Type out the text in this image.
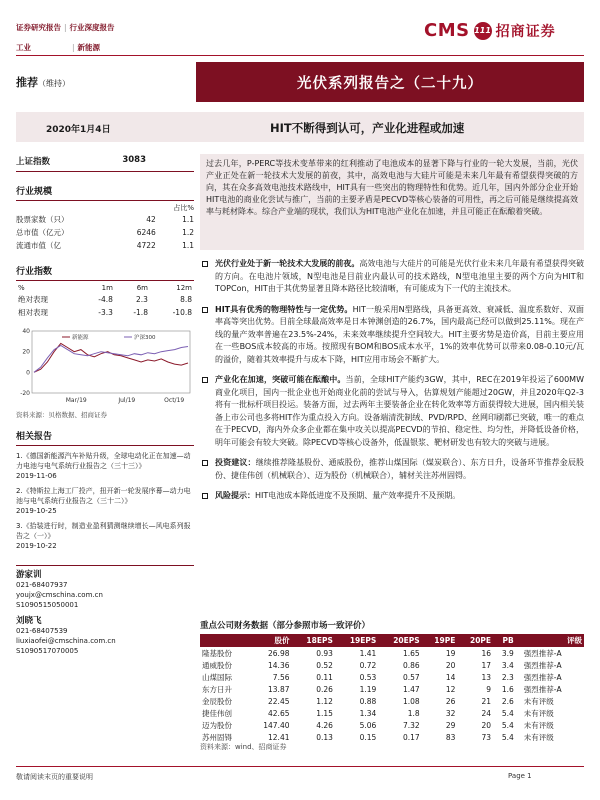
证券研究报告 | 行业深度报告
工业	| 新能源
CMS 111 招商证券
推荐（维持）	光伏系列报告之（二十九）
2020年1月4日	HIT不断得到认可，产业化进程或加速
上证指数	3083
行业规模
		占比%
股票家数（只）	42	1.1
总市值（亿元）	6246	1.2
流通市值（亿	4722	1.1
行业指数
%	1m	6m	12m
绝对表现	-4.8	2.3	8.8
相对表现	-3.3	-1.8	-10.8
40
20
0
-20
Mar/19	Jul/19	Oct/19
新能源	沪深300
资料来源：贝格数据、招商证券
相关报告
1.《德国新能源汽车补贴升级，全球电动化正在加速—动力电池与电气系统行业报告之（三十三）》
2019-11-06
2.《特斯拉上海工厂投产，扭开新一轮发展序幕—动力电池与电气系统行业报告之（三十二）》
2019-10-25
3.《拾装进行时，制造业盈利猜测继续增长—风电系列报告之（一）》
2019-10-22
游家训
021-68407937
youjx@cmschina.com.cn
S1090515050001
刘晓飞
021-68407539
liuxiaofei@cmschina.com.cn
S1090517070005
过去几年，P-PERC等技术变革带来的红利推动了电池成本的显著下降与行业的一轮大发展，当前，光伏产业正处在新一轮技术大发展的前夜，其中，高效电池与大硅片可能是未来几年最有希望获得突破的方向，其在众多高效电池技术路线中，HIT具有一些突出的物理特性和优势。近几年，国内外部分企业开始HIT电池的商业化尝试与推广，当前的主要矛盾是PECVD等核心装备的可用性，再之后可能是继续提高效率与耗材降本。综合产业端的现状，我们认为HIT电池产业化在加速，并且可能正在酝酿着突破。
光伏行业处于新一轮技术大发展的前夜。高效电池与大硅片的可能是光伏行业未来几年最有希望获得突破的方向。在电池片领域，N型电池是目前业内最认可的技术路线，N型电池里主要的两个方向为HIT和TOPCon，HIT由于其优势显著且降本路径比较清晰，有可能成为下一代的主流技术。
HIT具有优秀的物理特性与一定优势。HIT一般采用N型路线，具备更高效、衰减低、温度系数好、双面率高等突出优势。目前全球最高效率是日本钟渊创造的26.7%，国内最高已经可以做到25.11%。现在产线的量产效率普遍在23.5%-24%，未来效率继续提升空间较大。HIT主要劣势是造价高，目前主要应用在一些BOS成本较高的市场。按照现有BOM和BOS成本水平，1%的效率优势可以带来0.08-0.10元/瓦的溢价，随着其效率提升与成本下降，HIT应用市场会不断扩大。
产业化在加速，突破可能在酝酿中。当前，全球HIT产能约3GW，其中，REC在2019年投运了600MW商业化项目，国内一批企业也开始商业化前的尝试与导入，估算规划产能超过20GW，并且2020年Q2-3将有一批标杆项目投运。装备方面，过去两年主要装备企业在转化效率等方面获得较大进展，国内相关装备上市公司也多将HIT作为重点投入方向。设备端清洗制绒、PVD/RPD、丝网印刷都已突破，唯一的难点在于PECVD，海内外众多企业都在集中攻关以提高PECVD的节拍、稳定性、均匀性，并降低设备价格，明年可能会有较大突破。除PECVD等核心设备外，低温银浆、靶材研发也有较大的突破与进展。
投资建议：继续推荐隆基股份、通威股份，推荐山煤国际（煤炭联合）、东方日升，设备环节推荐金辰股份、捷佳伟创（机械联合）、迈为股份（机械联合），辅材关注苏州固锝。
风险提示：HIT电池成本降低进度不及预期、量产效率提升不及预期。
重点公司财务数据（部分参照市场一致评价）
	股价	18EPS	19EPS	20EPS	19PE	20PE	PB	评级
隆基股份	26.98	0.93	1.41	1.65	19	16	3.9	强烈推荐-A
通威股份	14.36	0.52	0.72	0.86	20	17	3.4	强烈推荐-A
山煤国际	7.56	0.11	0.53	0.57	14	13	2.3	强烈推荐-A
东方日升	13.87	0.26	1.19	1.47	12	9	1.6	强烈推荐-A
金辰股份	22.45	1.12	0.88	1.08	26	21	2.6	未有评级
捷佳伟创	42.65	1.15	1.34	1.8	32	24	5.4	未有评级
迈为股份	147.40	4.26	5.06	7.32	29	20	5.4	未有评级
苏州固锝	12.41	0.13	0.15	0.17	83	73	5.4	未有评级
资料来源：wind、招商证券
敬请阅读末页的重要说明	Page 1
